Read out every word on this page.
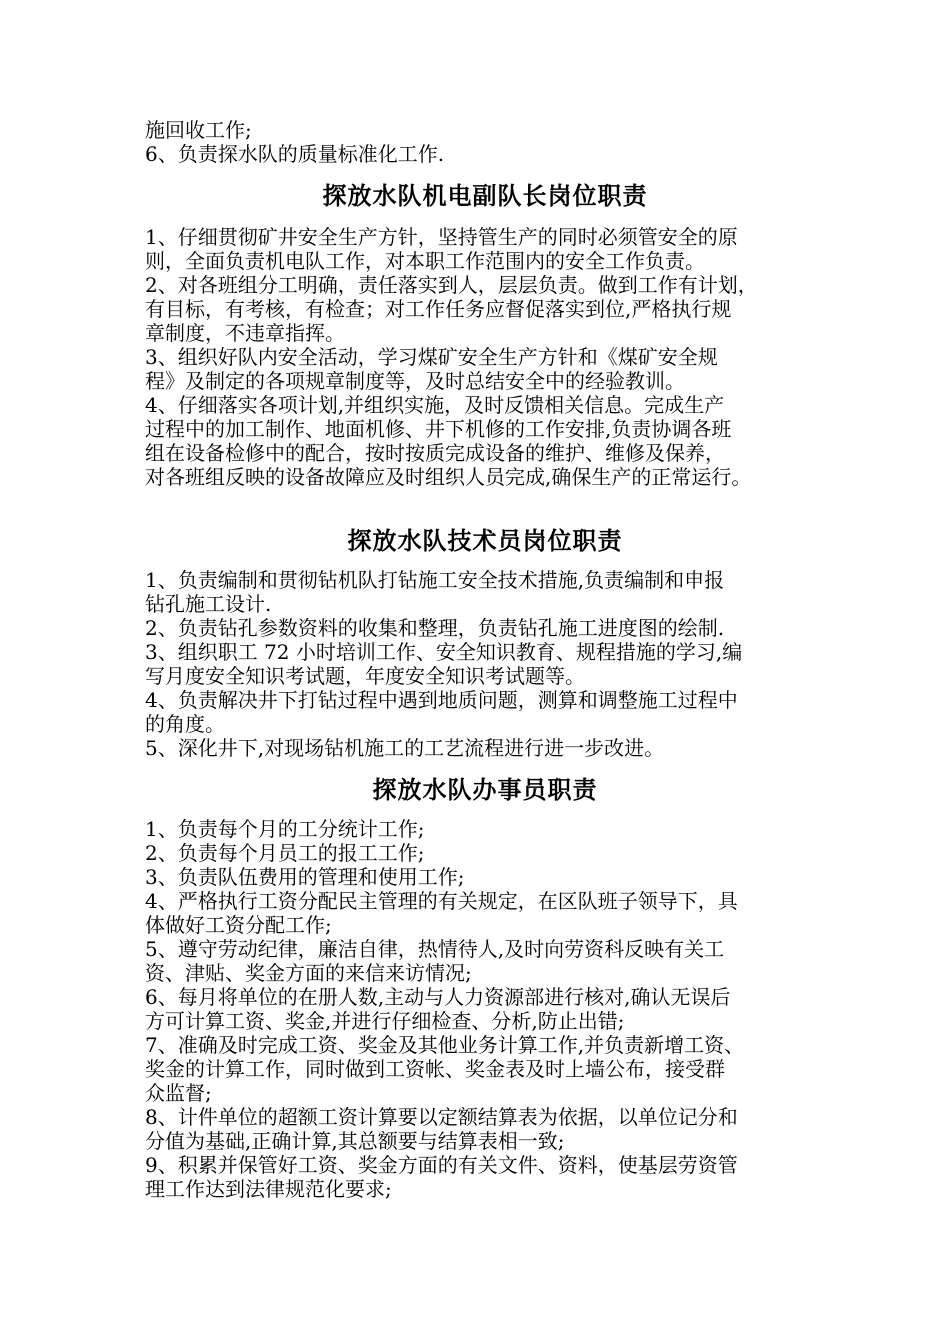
施回收工作;

6、负责探水队的质量标准化工作.

探放水队机电副队长岗位职责

1、仔细贯彻矿井安全生产方针，坚持管生产的同时必须管安全的原

则，全面负责机电队工作，对本职工作范围内的安全工作负责。

2、对各班组分工明确，责任落实到人，层层负责。做到工作有计划，

有目标，有考核，有检查；对工作任务应督促落实到位,严格执行规

章制度，不违章指挥。

3、组织好队内安全活动，学习煤矿安全生产方针和《煤矿安全规

程》及制定的各项规章制度等，及时总结安全中的经验教训。

4、仔细落实各项计划,并组织实施，及时反馈相关信息。完成生产

过程中的加工制作、地面机修、井下机修的工作安排,负责协调各班

组在设备检修中的配合，按时按质完成设备的维护、维修及保养，

对各班组反映的设备故障应及时组织人员完成,确保生产的正常运行。

探放水队技术员岗位职责

1、负责编制和贯彻钻机队打钻施工安全技术措施,负责编制和申报

钻孔施工设计.

2、负责钻孔参数资料的收集和整理，负责钻孔施工进度图的绘制.

3、组织职工 72 小时培训工作、安全知识教育、规程措施的学习,编

写月度安全知识考试题，年度安全知识考试题等。

4、负责解决井下打钻过程中遇到地质问题，测算和调整施工过程中

的角度。

5、深化井下,对现场钻机施工的工艺流程进行进一步改进。

探放水队办事员职责

1、负责每个月的工分统计工作;

2、负责每个月员工的报工工作;

3、负责队伍费用的管理和使用工作;

4、严格执行工资分配民主管理的有关规定，在区队班子领导下，具

体做好工资分配工作;

5、遵守劳动纪律，廉洁自律，热情待人,及时向劳资科反映有关工

资、津贴、奖金方面的来信来访情况;

6、每月将单位的在册人数,主动与人力资源部进行核对,确认无误后

方可计算工资、奖金,并进行仔细检查、分析,防止出错;

7、准确及时完成工资、奖金及其他业务计算工作,并负责新增工资、

奖金的计算工作，同时做到工资帐、奖金表及时上墙公布，接受群

众监督;

8、计件单位的超额工资计算要以定额结算表为依据，以单位记分和

分值为基础,正确计算,其总额要与结算表相一致;

9、积累并保管好工资、奖金方面的有关文件、资料，使基层劳资管

理工作达到法律规范化要求;
